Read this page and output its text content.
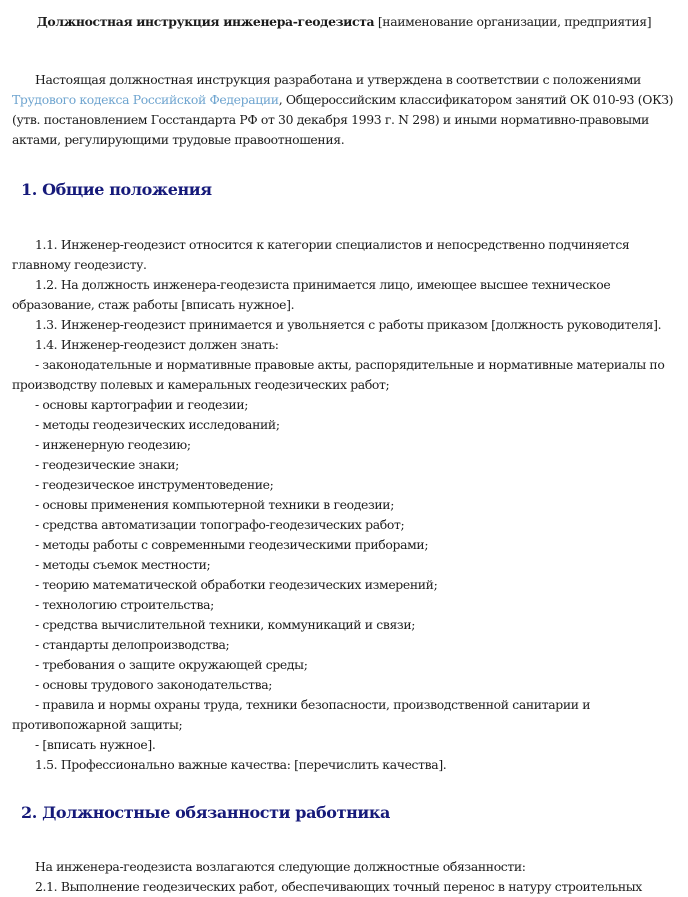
Должностная инструкция инженера-геодезиста [наименование организации, предприятия]
Настоящая должностная инструкция разработана и утверждена в соответствии с положениями Трудового кодекса Российской Федерации, Общероссийским классификатором занятий ОК 010-93 (ОКЗ) (утв. постановлением Госстандарта РФ от 30 декабря 1993 г. N 298) и иными нормативно-правовыми актами, регулирующими трудовые правоотношения.
1. Общие положения

1.1. Инженер-геодезист относится к категории специалистов и непосредственно подчиняется главному геодезисту.

1.2. На должность инженера-геодезиста принимается лицо, имеющее высшее техническое образование, стаж работы [вписать нужное].

1.3. Инженер-геодезист принимается и увольняется с работы приказом [должность руководителя].

1.4. Инженер-геодезист должен знать:

- законодательные и нормативные правовые акты, распорядительные и нормативные материалы по производству полевых и камеральных геодезических работ;

- основы картографии и геодезии;

- методы геодезических исследований;

- инженерную геодезию;

- геодезические знаки;

- геодезическое инструментоведение;

- основы применения компьютерной техники в геодезии;

- средства автоматизации топографо-геодезических работ;

- методы работы с современными геодезическими приборами;

- методы съемок местности;

- теорию математической обработки геодезических измерений;

- технологию строительства;

- средства вычислительной техники, коммуникаций и связи;

- стандарты делопроизводства;

- требования о защите окружающей среды;

- основы трудового законодательства;

- правила и нормы охраны труда, техники безопасности, производственной санитарии и противопожарной защиты;

- [вписать нужное].

1.5. Профессионально важные качества: [перечислить качества].

2. Должностные обязанности работника

На инженера-геодезиста возлагаются следующие должностные обязанности:

2.1. Выполнение геодезических работ, обеспечивающих точный перенос в натуру строительных
